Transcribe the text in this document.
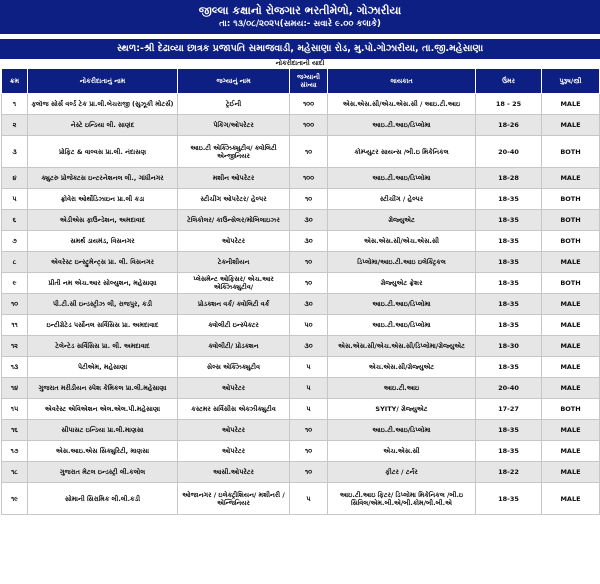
જીલ્લા કક્ષાનો રોજગાર ભરતીમેળો, ગોઝારીયા
તા: ૧૩/૦૮/૨૦૨૫(સમય:- સવારે ૯.૦૦ કલાકે)
સ્થળ:-શ્રી દેઢાવ્યા છાત્રક પ્રજાપતિ સમાજવાડી, મહેસાણા રોડ, મુ.પો.ગોઝારીયા, તા.જી.મહેસાણા
નોકરીદાતાની યાદી
ક્રમ	નોકરીદાતાનું નામ	જગ્યાનું નામ	જગ્યાની સંખ્યા	લાયકાત	ઉંમર	પુરૂષ/સ્ત્રી
૧	ફ્લૉજ સોર્સ વર્લ્ડ ટેક પ્રા.લી.બેચરાજી (સુઝૂકી મોટર્સ)	ટ્રેઈની	૧૦૦	એસ.એસ.સી/એચ.એસ.સી / આઇ.ટી.આઇ	18 - 25	MALE
૨	નેસ્ટે ઇન્ડિયા લી. સાણંદ	પેકિંગ/ઓપરેટર	૧૦૦	આઇ.ટી.આઇ/ડિપ્લોમા	18-26	MALE
૩	પ્રોફિટ & વાલ્વસ પ્રા.લી. નંદાસણ	આઇ.ટી એક્ઝિક્યુટીવ/ ક્વોલિટી એન્જીનિયર	૧૦	કોમ્પ્યુટર સાયન્સ /બી.ઇ મિકેનિકલ	20-40	BOTH
૪	ક્યુટરુ પ્રોજેક્ટસ ઇન્ટરનેશનલ લી., ગાંધીનગર	મશીન ઓપરેટર	૧૦૦	આઇ.ટી.આઇ/ડિપ્લોમા	18-28	MALE
૫	ફ્રોવેરા ઓર્થોડિઝાઇન પ્રા.લી કડા	સ્ટીચીંગ ઓપરેટર/ હેલ્પર	૧૦	સ્ટીચીંગ / હેલ્પર	18-35	BOTH
૬	એડીએસ ફાઉન્ડેશન, અમદાવાદ	ટેલિકોલર/ કાઉન્સેલર/મોબિલાઇઝર	૩૦	ગ્રેજ્યુએટ	18-35	BOTH
૭	સમર્થ ડાયમંડ, વિસનગર	ઓપરેટર	૩૦	એસ.એસ.સી/એચ.એસ.સી	18-35	BOTH
૮	એવરેસ્ટ ઇન્સ્ટ્રુમેન્ટ્સ પ્રા. લી. વિસનગર	ટેક્નીશીયન	૧૦	ડિપ્લોમા/આઇ.ટી.આઇ ઇલેક્ટ્રિકલ	18-35	MALE
૯	પ્રીતી નમ એચ.આર સોલ્યુશન, મહેસાણા	પ્લેસમેન્ટ ઓફિસર/ એચ.આર એક્ઝિક્યુટીવ/	૧૦	ગ્રેજ્યુએટ ફ્રેશર	18-35	BOTH
૧૦	પી.ટી.સી ઇન્ડસ્ટ્રીઝ લી, રાજપુર, કડી	પ્રોડક્શન વર્ક/ ક્વોલિટી વર્ક	૩૦	આઇ.ટી.આઇ/ડિપ્લોમા	18-35	MALE
૧૧	ઇન્ટીગ્રેટેડ પર્સોનલ સર્વિસિસ પ્રા. અમદાવાદ	ક્વોલીટી ઇન્સ્પેક્ટર	૫૦	આઇ.ટી.આઇ/ડિપ્લોમા	18-35	MALE
૧૨	ટેલેન્ટેડ સર્વિસિસ પ્રા. લી. અમદાવાદ	ક્વોલીટી/ પ્રોડક્શન	૩૦	એસ.એસ.સી/એચ.એસ.સી/ડિપ્લોમા/ગ્રેજ્યુએટ	18-30	MALE
૧૩	પેટીએમ, મહેસાણા	સેલ્સ એક્ઝિક્યુટીવ	૫	એચ.એસ.સી/ગ્રેજ્યુએટ	18-35	MALE
૧૪	ગુજરાત મરીડીયન સ્પેશ કેમિકલ પ્રા.લી.મહેસાણા	ઓપરેટર	૫	આઇ.ટી.આઇ	20-40	MALE
૧૫	એવરેસ્ટ એવિએશન એલ.એલ.પી.મહેસાણા	કસ્ટમર સર્વિસીસ એક્ઝીક્યુટીવ	૫	SYITY/ ગ્રેજ્યુએટ	17-27	BOTH
૧૬	સીપાસટ ઇન્ડિયા પ્રા.લી.માણસા	ઓપરેટર	૧૦	આઇ.ટી.આઇ/ડિપ્લોમા	18-35	MALE
૧૭	એસ.આઇ.એસ સિક્યુરિટી, માણસા	ઓપરેટર	૧૦	એચ.એસ.સી	18-35	MALE
૧૮	ગુજરાત મેટલ ઇન્ડસ્ટ્રી લી.કલોલ	આસી.ઓપરેટર	૧૦	ફીટર / ટર્નર	18-22	MALE
૧૯	સોમાની સિરામિક લી.લી.કડી	ઓજાનગર / ઇલેક્ટ્રીશિયન/ મશીનરી /એન્જિનિયર	૫	આઇ.ટી.આઇ ફિટર/ ડિપ્લોમા મિકેનિકલ /બી.ઇ સિવિલ/એમ.બી.એ/બી.કોમ/બી.બી.એ	18-35	MALE
